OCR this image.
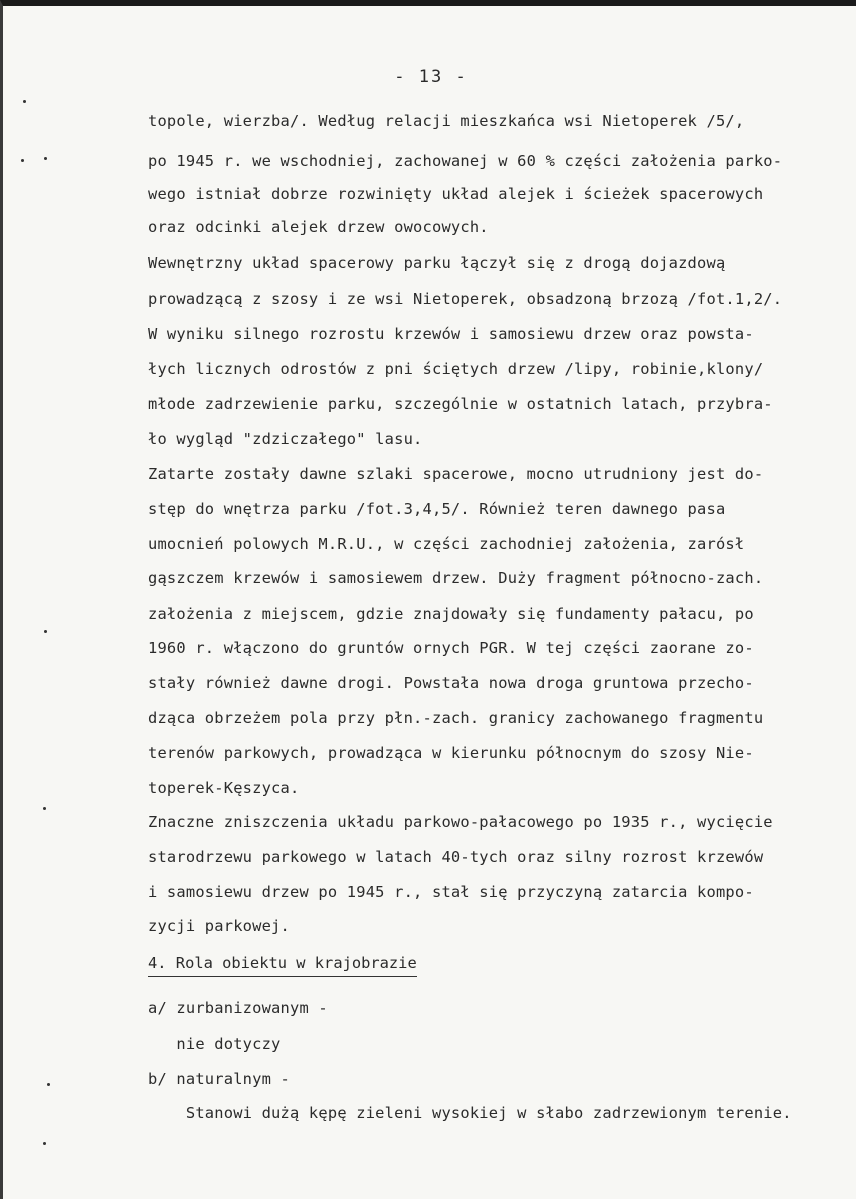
- 13 -
topole, wierzba/. Według relacji mieszkańca wsi Nietoperek /5/,
po 1945 r. we wschodniej, zachowanej w 60 % części założenia parko-
wego istniał dobrze rozwinięty układ alejek i ścieżek spacerowych
oraz odcinki alejek drzew owocowych.
Wewnętrzny układ spacerowy parku łączył się z drogą dojazdową
prowadzącą z szosy i ze wsi Nietoperek, obsadzoną brzozą /fot.1,2/.
W wyniku silnego rozrostu krzewów i samosiewu drzew oraz powsta-
łych licznych odrostów z pni ściętych drzew /lipy, robinie,klony/
młode zadrzewienie parku, szczególnie w ostatnich latach, przybra-
ło wygląd "zdziczałego" lasu.
Zatarte zostały dawne szlaki spacerowe, mocno utrudniony jest do-
stęp do wnętrza parku /fot.3,4,5/. Również teren dawnego pasa
umocnień polowych M.R.U., w części zachodniej założenia, zarósł
gąszczem krzewów i samosiewem drzew. Duży fragment północno-zach.
założenia z miejscem, gdzie znajdowały się fundamenty pałacu, po
1960 r. włączono do gruntów ornych PGR. W tej części zaorane zo-
stały również dawne drogi. Powstała nowa droga gruntowa przecho-
dząca obrzeżem pola przy płn.-zach. granicy zachowanego fragmentu
terenów parkowych, prowadząca w kierunku północnym do szosy Nie-
toperek-Kęszyca.
Znaczne zniszczenia układu parkowo-pałacowego po 1935 r., wycięcie
starodrzewu parkowego w latach 40-tych oraz silny rozrost krzewów
i samosiewu drzew po 1945 r., stał się przyczyną zatarcia kompo-
zycji parkowej.
4. Rola obiektu w krajobrazie
a/ zurbanizowanym -
nie dotyczy
b/ naturalnym -
Stanowi dużą kępę zieleni wysokiej w słabo zadrzewionym terenie.
